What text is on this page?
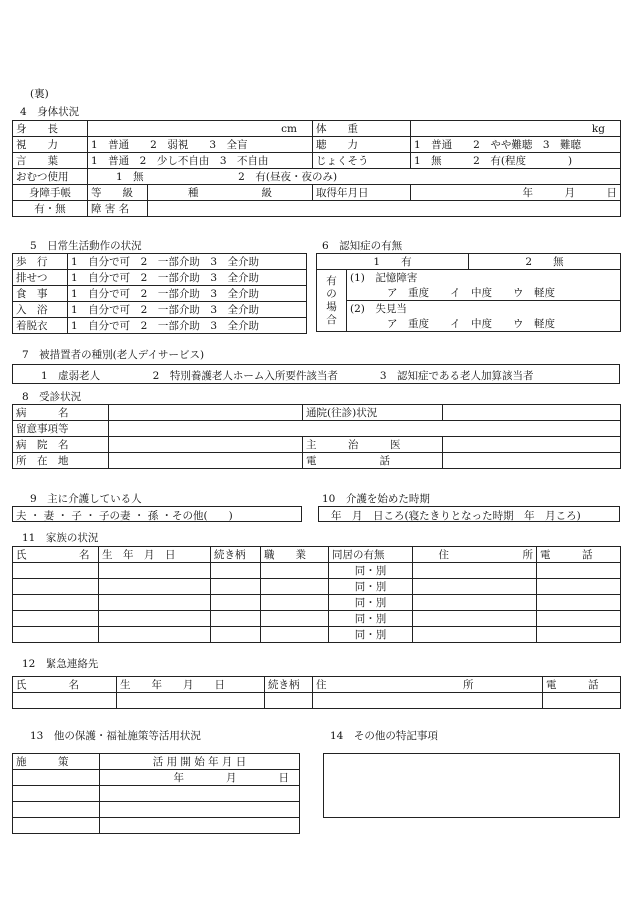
(裏)
4　身体状況
身　　長	cm		体　　重	kg
視　　力	1　普通　　2　弱視　　3　全盲		聴　　力	1　普通　　2　やや難聴　3　難聴
言　　葉	1　普通　2　少し不自由　3　不自由		じょくそう	1　無　　　2　有(程度　　　　)
おむつ使用	1　無　　　　　　　　　2　有(昼夜・夜のみ)			
身障手帳	等　　級	種　　　　　　級	取得年月日	年　　　月　　　日
有・無	障 害 名			
5　日常生活動作の状況
歩　行	1　自分で可　2　一部介助　3　全介助
排せつ	1　自分で可　2　一部介助　3　全介助
食　事	1　自分で可　2　一部介助　3　全介助
入　浴	1　自分で可　2　一部介助　3　全介助
着脱衣	1　自分で可　2　一部介助　3　全介助
6　認知症の有無
1　　有		2　　無
有の場合	(1)　記憶障害	
	ア　重度　　イ　中度　　ウ　軽度	
	(2)　失見当	
	ア　重度　　イ　中度　　ウ　軽度	
7　被措置者の種別(老人デイサービス)
1　虚弱老人　　　　　2　特別養護老人ホーム入所要件該当者　　　　3　認知症である老人加算該当者
8　受診状況
病　　　名		通院(往診)状況	
留意事項等			
病　院　名		主　　　治　　　医	
所　在　地		電　　　　　　話	
9　主に介護している人
夫 ・ 妻 ・ 子 ・ 子の妻 ・ 孫 ・その他(　　)
10　介護を始めた時期
年　月　日ころ(寝たきりとなった時期　年　月ころ)
11　家族の状況
氏　　　　　名	生　年　月　日	続き柄	職　　業	同居の有無	住　　　　　　　所	電　　　話
				同・別		
				同・別		
				同・別		
				同・別		
				同・別		
12　緊急連絡先
氏　　　　名	生　　年　　月　　日	続き柄	住　　　　　　　　　　　　　所	電　　　話

13　他の保護・福祉施策等活用状況
施　　　策	活 用 開 始 年 月 日
	年　　　　月　　　　日

14　その他の特記事項
